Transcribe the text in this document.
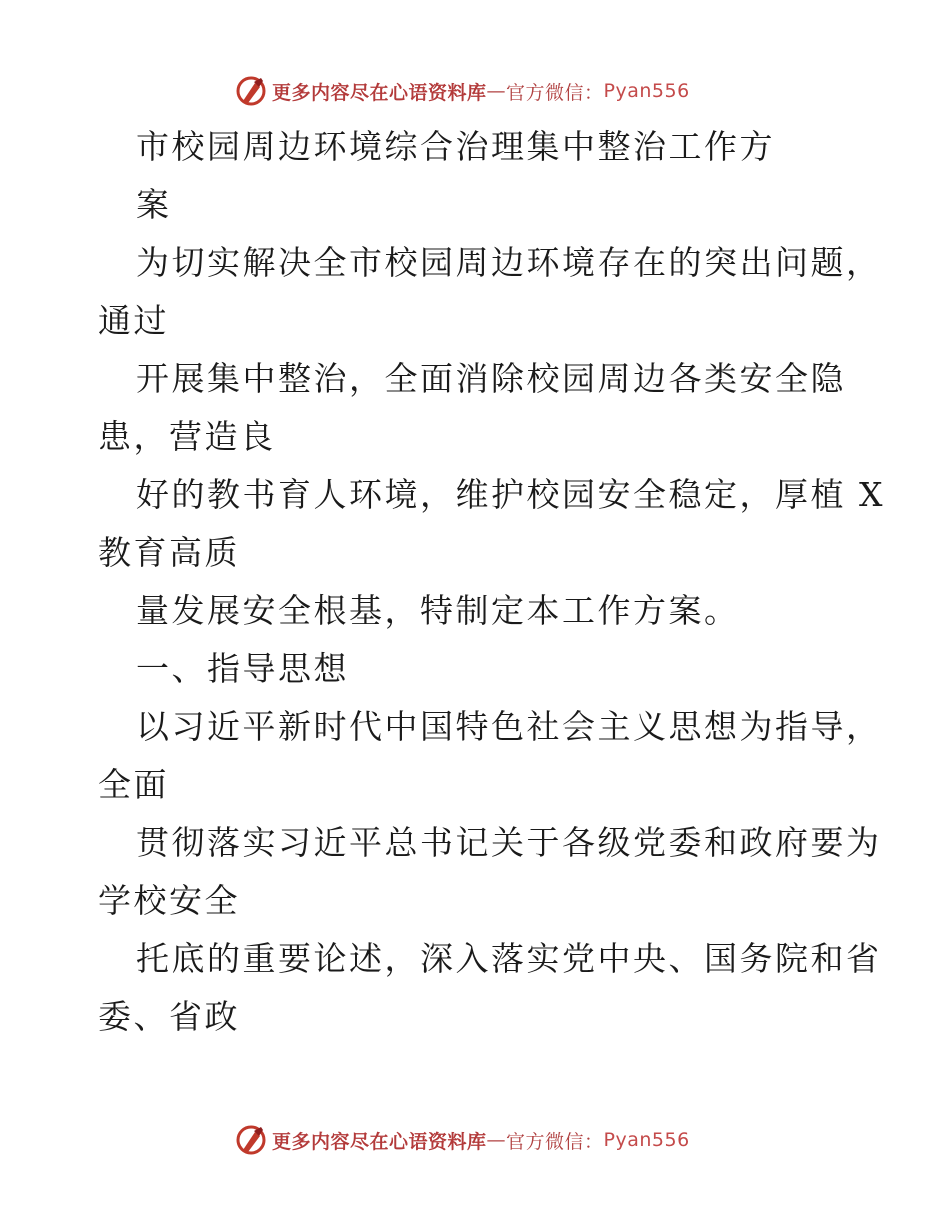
更多内容尽在心语资料库 — 官方微信： Pyan556
市校园周边环境综合治理集中整治工作方
案
为切实解决全市校园周边环境存在的突出问题，
通过
开展集中整治，全面消除校园周边各类安全隐
患，营造良
好的教书育人环境，维护校园安全稳定，厚植 X
教育高质
量发展安全根基，特制定本工作方案。
一、指导思想
以习近平新时代中国特色社会主义思想为指导，
全面
贯彻落实习近平总书记关于各级党委和政府要为
学校安全
托底的重要论述，深入落实党中央、国务院和省
委、省政
更多内容尽在心语资料库 — 官方微信： Pyan556
